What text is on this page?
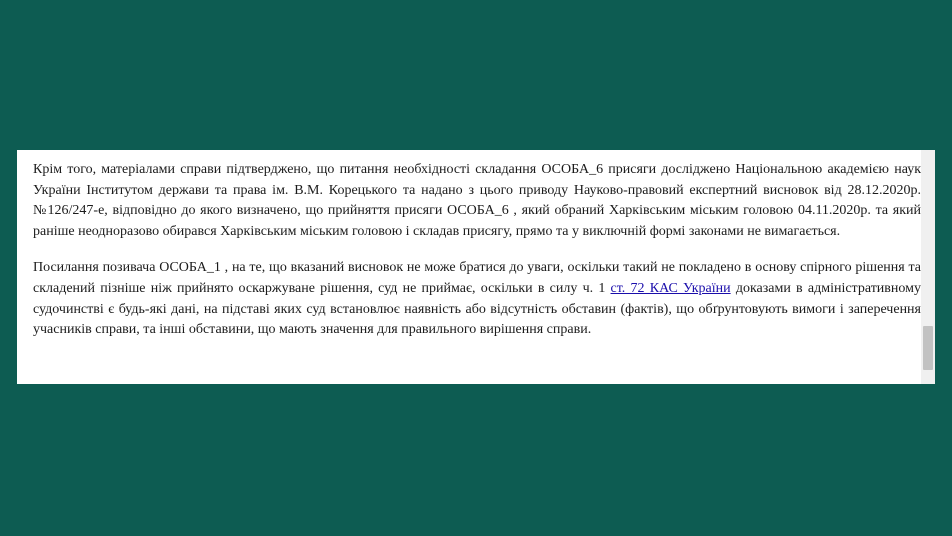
Крім того, матеріалами справи підтверджено, що питання необхідності складання ОСОБА_6 присяги досліджено Національною академією наук України Інститутом держави та права ім. В.М. Корецького та надано з цього приводу Науково-правовий експертний висновок від 28.12.2020р. №126/247-е, відповідно до якого визначено, що прийняття присяги ОСОБА_6 , який обраний Харківським міським головою 04.11.2020р. та який раніше неодноразово обирався Харківським міським головою і складав присягу, прямо та у виключній формі законами не вимагається.

Посилання позивача ОСОБА_1 , на те, що вказаний висновок не може братися до уваги, оскільки такий не покладено в основу спірного рішення та складений пізніше ніж прийнято оскаржуване рішення, суд не приймає, оскільки в силу ч. 1 ст. 72 КАС України доказами в адміністративному судочинстві є будь-які дані, на підставі яких суд встановлює наявність або відсутність обставин (фактів), що обґрунтовують вимоги і заперечення учасників справи, та інші обставини, що мають значення для правильного вирішення справи.
